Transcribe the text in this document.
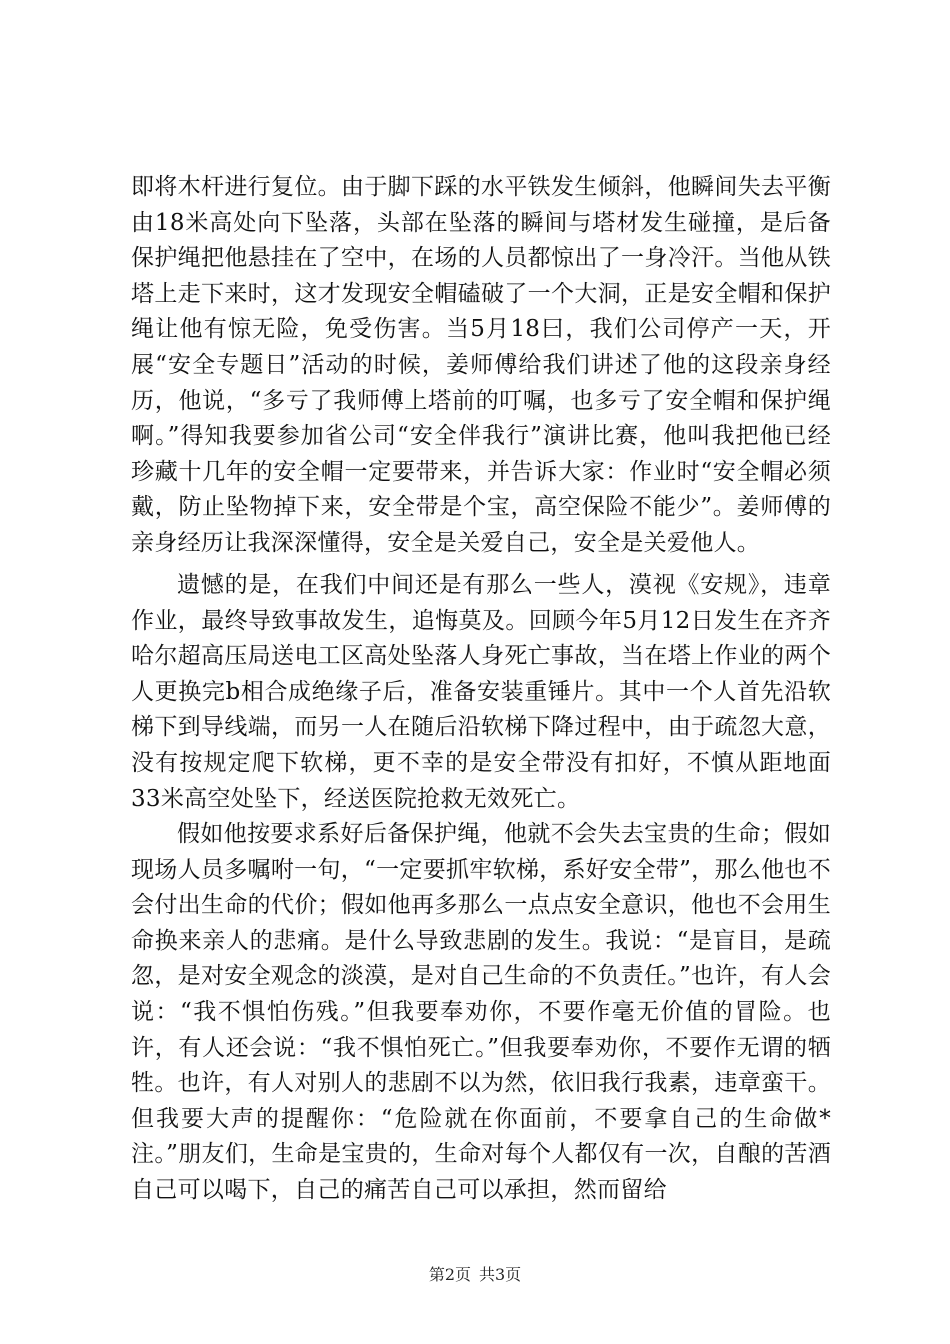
即将木杆进行复位。由于脚下踩的水平铁发生倾斜，他瞬间失去平衡由18米高处向下坠落，头部在坠落的瞬间与塔材发生碰撞，是后备保护绳把他悬挂在了空中，在场的人员都惊出了一身冷汗。当他从铁塔上走下来时，这才发现安全帽磕破了一个大洞，正是安全帽和保护绳让他有惊无险，免受伤害。当5月18曰，我们公司停产一天，开展“安全专题日”活动的时候，姜师傅给我们讲述了他的这段亲身经历，他说，“多亏了我师傅上塔前的叮嘱，也多亏了安全帽和保护绳啊。”得知我要参加省公司“安全伴我行”演讲比赛，他叫我把他已经珍藏十几年的安全帽一定要带来，并告诉大家：作业时“安全帽必须戴，防止坠物掉下来，安全带是个宝，高空保险不能少”。姜师傅的亲身经历让我深深懂得，安全是关爱自己，安全是关爱他人。

遗憾的是，在我们中间还是有那么一些人，漠视《安规》，违章作业，最终导致事故发生，追悔莫及。回顾今年5月12日发生在齐齐哈尔超高压局送电工区高处坠落人身死亡事故，当在塔上作业的两个人更换完b相合成绝缘子后，准备安装重锤片。其中一个人首先沿软梯下到导线端，而另一人在随后沿软梯下降过程中，由于疏忽大意，没有按规定爬下软梯，更不幸的是安全带没有扣好，不慎从距地面33米高空处坠下，经送医院抢救无效死亡。

假如他按要求系好后备保护绳，他就不会失去宝贵的生命；假如现场人员多嘱咐一句，“一定要抓牢软梯，系好安全带”，那么他也不会付出生命的代价；假如他再多那么一点点安全意识，他也不会用生命换来亲人的悲痛。是什么导致悲剧的发生。我说：“是盲目，是疏忽，是对安全观念的淡漠，是对自己生命的不负责任。”也许，有人会说：“我不惧怕伤残。”但我要奉劝你，不要作毫无价值的冒险。也许，有人还会说：“我不惧怕死亡。”但我要奉劝你，不要作无谓的牺牲。也许，有人对别人的悲剧不以为然，依旧我行我素，违章蛮干。但我要大声的提醒你：“危险就在你面前，不要拿自己的生命做*注。”朋友们，生命是宝贵的，生命对每个人都仅有一次，自酿的苦酒自己可以喝下，自己的痛苦自己可以承担，然而留给

第2页 共3页
